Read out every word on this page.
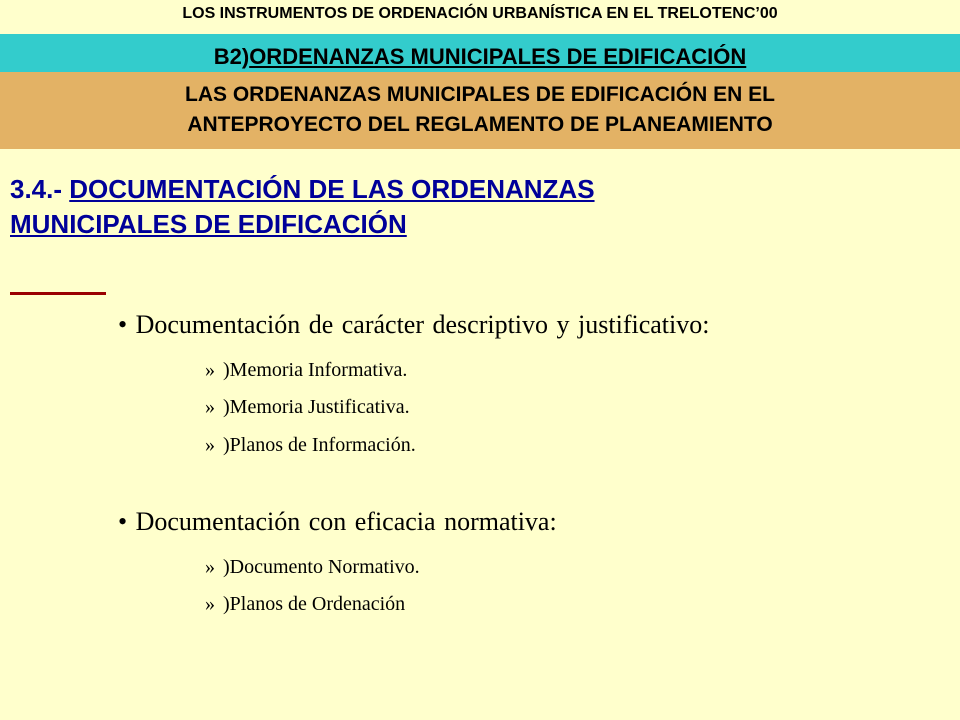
LOS INSTRUMENTOS DE ORDENACIÓN URBANÍSTICA EN EL TRELOTENC’00
B2)ORDENANZAS MUNICIPALES DE EDIFICACIÓN
LAS ORDENANZAS MUNICIPALES DE EDIFICACIÓN EN EL
ANTEPROYECTO DEL REGLAMENTO DE PLANEAMIENTO
3.4.- DOCUMENTACIÓN DE LAS ORDENANZAS
MUNICIPALES DE EDIFICACIÓN
• Documentación de carácter descriptivo y justificativo:
» )Memoria Informativa.
» )Memoria Justificativa.
» )Planos de Información.
• Documentación con eficacia normativa:
» )Documento Normativo.
» )Planos de Ordenación
